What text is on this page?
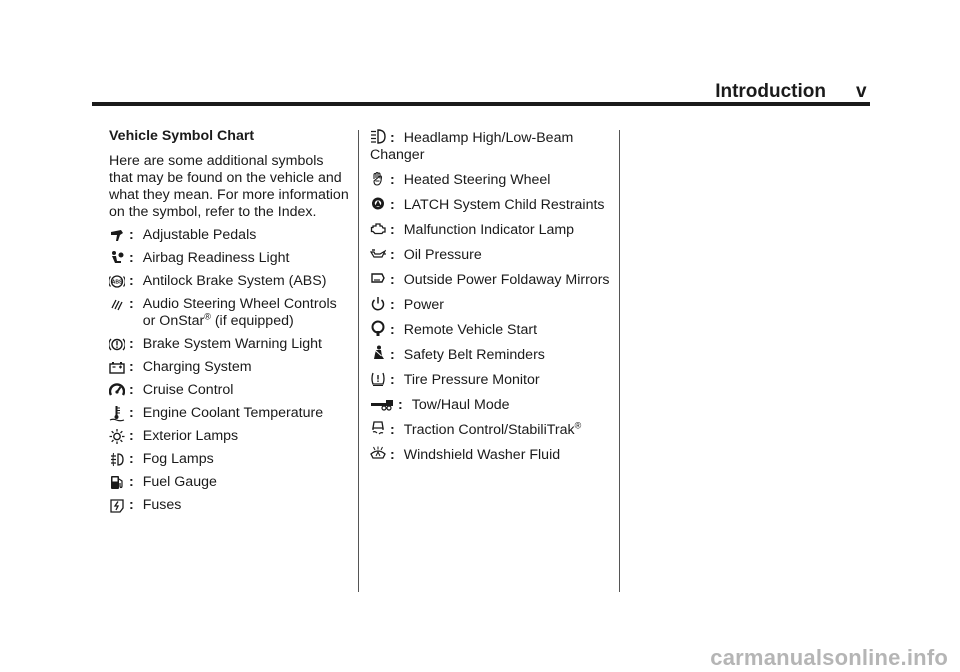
Introduction v
Vehicle Symbol Chart
Here are some additional symbols that may be found on the vehicle and what they mean. For more information on the symbol, refer to the Index.
: Adjustable Pedals
: Airbag Readiness Light
ABS : Antilock Brake System (ABS)
: Audio Steering Wheel Controls or OnStar® (if equipped)
: Brake System Warning Light
: Charging System
: Cruise Control
: Engine Coolant Temperature
: Exterior Lamps
: Fog Lamps
: Fuel Gauge
: Fuses
: Headlamp High/Low-Beam Changer
: Heated Steering Wheel
: LATCH System Child Restraints
: Malfunction Indicator Lamp
: Oil Pressure
: Outside Power Foldaway Mirrors
: Power
: Remote Vehicle Start
: Safety Belt Reminders
: Tire Pressure Monitor
: Tow/Haul Mode
: Traction Control/StabiliTrak®
: Windshield Washer Fluid
carmanualsonline.info
